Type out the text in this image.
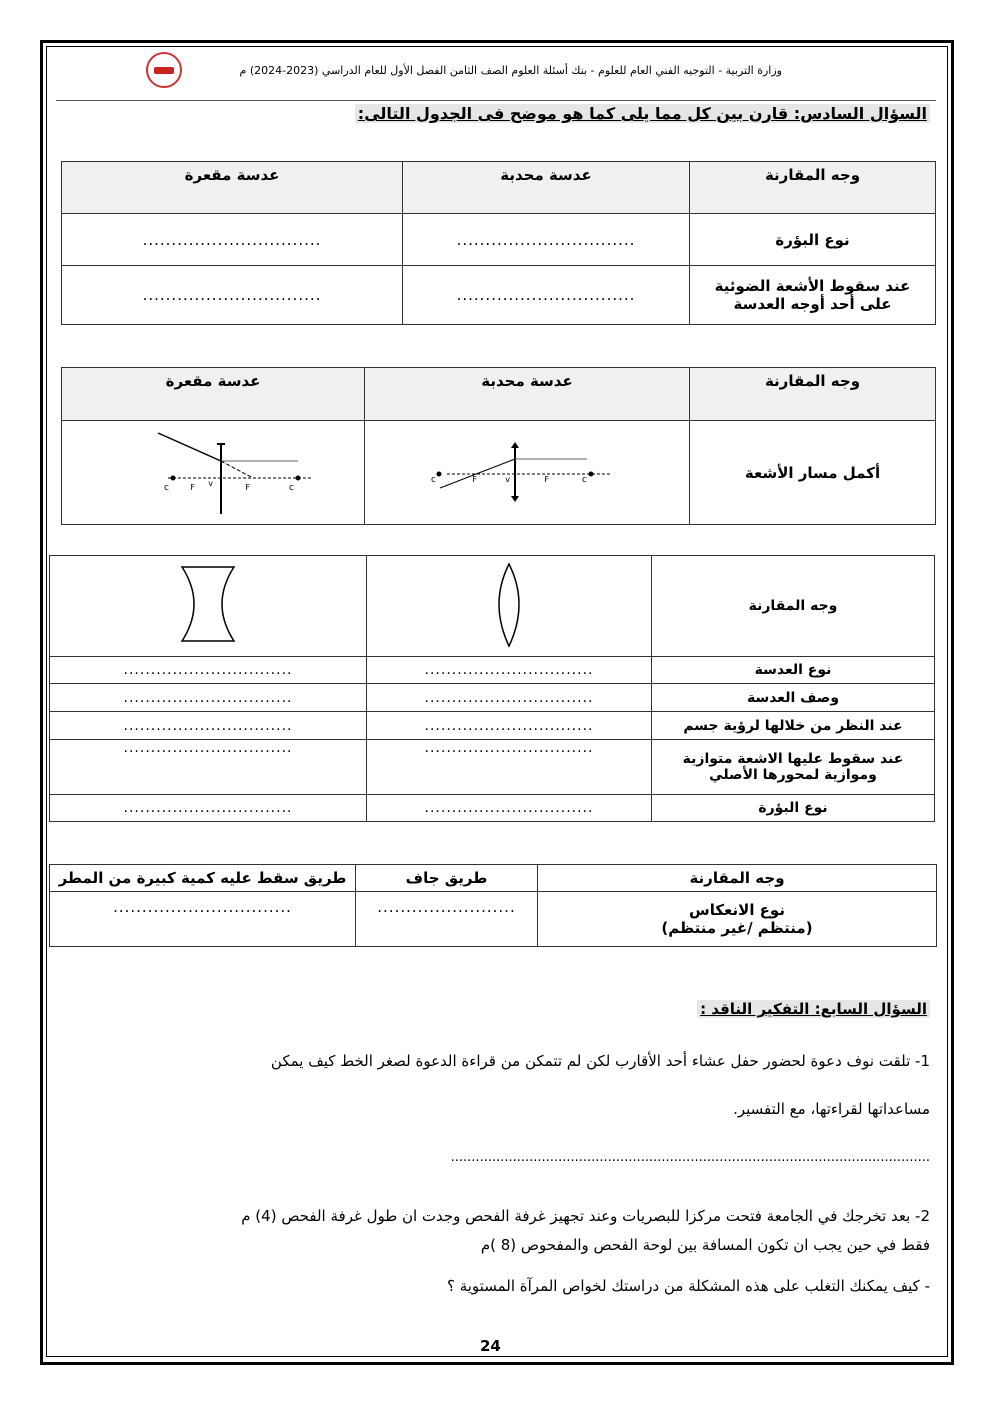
وزارة التربية - التوجيه الفني العام للعلوم - بنك أسئلة العلوم الصف الثامن الفصل الأول للعام الدراسي (2023-2024) م
السؤال السادس: قارن بين كل مما يلى كما هو موضح فى الجدول التالى:
وجه المقارنة	عدسة محدبة	عدسة مقعرة
نوع البؤرة	...............................	...............................
عند سقوط الأشعة الضوئية على أحد أوجه العدسة	...............................	...............................
وجه المقارنة	عدسة محدبة	عدسة مقعرة
أكمل مسار الأشعة	c F v F c	c F v F c
وجه المقارنة		
نوع العدسة	...............................	...............................
وصف العدسة	...............................	...............................
عند النظر من خلالها لرؤية جسم	...............................	...............................
عند سقوط عليها الاشعة متوازية وموازية لمحورها الأصلي	...............................	...............................
نوع البؤرة	...............................	...............................
وجه المقارنة	طريق جاف	طريق سقط عليه كمية كبيرة من المطر

نوع الانعكاس
(منتظم /غير منتظم)	........................	...............................
السؤال السابع: التفكير الناقد :
1- تلقت نوف دعوة لحضور حفل عشاء أحد الأقارب لكن لم تتمكن من قراءة الدعوة لصغر الخط كيف يمكن
مساعداتها لقراءتها، مع التفسير.
....................................................................................................................
2- بعد تخرجك في الجامعة فتحت مركزا للبصريات وعند تجهيز غرفة الفحص وجدت ان طول غرفة الفحص (4) م
فقط في حين يجب ان تكون المسافة بين لوحة الفحص والمفحوص (8 )م
- كيف يمكنك التغلب على هذه المشكلة من دراستك لخواص المرآة المستوية ؟
24
